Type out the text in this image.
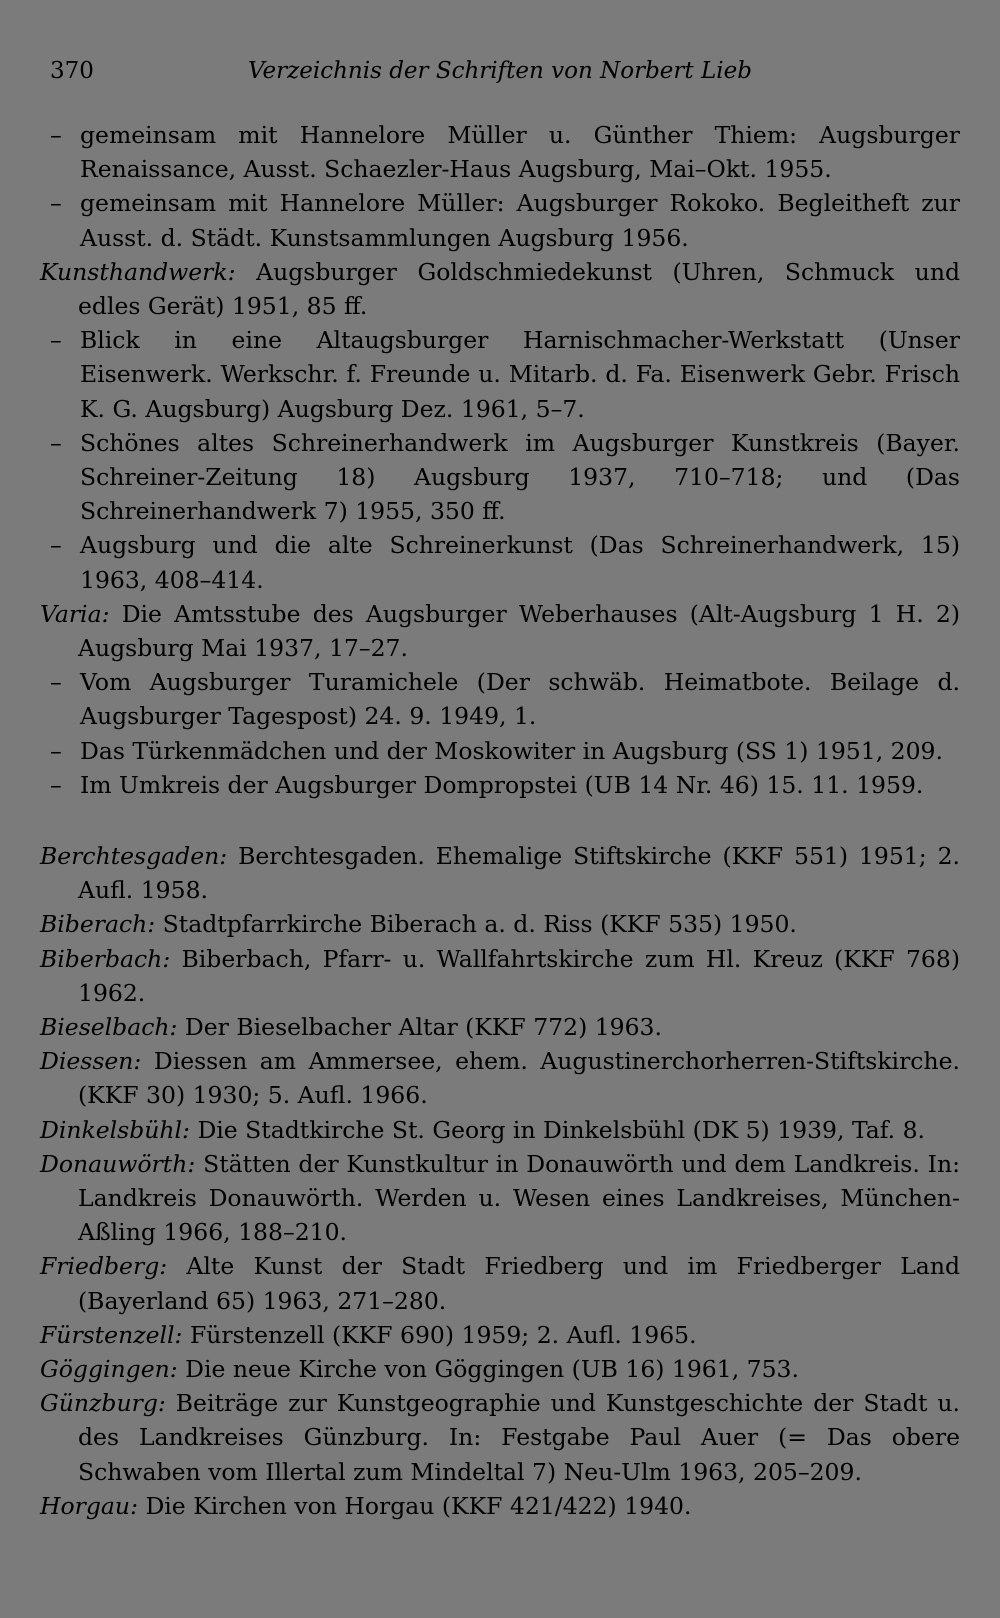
370	Verzeichnis der Schriften von Norbert Lieb

– gemeinsam mit Hannelore Müller u. Günther Thiem: Augsburger Renaissance, Ausst. Schaezler-Haus Augsburg, Mai–Okt. 1955.

– gemeinsam mit Hannelore Müller: Augsburger Rokoko. Begleitheft zur Ausst. d. Städt. Kunstsammlungen Augsburg 1956.

Kunsthandwerk: Augsburger Goldschmiedekunst (Uhren, Schmuck und edles Gerät) 1951, 85 ff.

– Blick in eine Altaugsburger Harnischmacher-Werkstatt (Unser Eisenwerk. Werkschr. f. Freunde u. Mitarb. d. Fa. Eisenwerk Gebr. Frisch K. G. Augsburg) Augsburg Dez. 1961, 5–7.

– Schönes altes Schreinerhandwerk im Augsburger Kunstkreis (Bayer. Schreiner-Zeitung 18) Augsburg 1937, 710–718; und (Das Schreinerhandwerk 7) 1955, 350 ff.

– Augsburg und die alte Schreinerkunst (Das Schreinerhandwerk, 15) 1963, 408–414.

Varia: Die Amtsstube des Augsburger Weberhauses (Alt-Augsburg 1 H. 2) Augsburg Mai 1937, 17–27.

– Vom Augsburger Turamichele (Der schwäb. Heimatbote. Beilage d. Augsburger Tagespost) 24. 9. 1949, 1.

– Das Türkenmädchen und der Moskowiter in Augsburg (SS 1) 1951, 209.

– Im Umkreis der Augsburger Dompropstei (UB 14 Nr. 46) 15. 11. 1959.

Berchtesgaden: Berchtesgaden. Ehemalige Stiftskirche (KKF 551) 1951; 2. Aufl. 1958.

Biberach: Stadtpfarrkirche Biberach a. d. Riss (KKF 535) 1950.

Biberbach: Biberbach, Pfarr- u. Wallfahrtskirche zum Hl. Kreuz (KKF 768) 1962.

Bieselbach: Der Bieselbacher Altar (KKF 772) 1963.

Diessen: Diessen am Ammersee, ehem. Augustinerchorherren-Stiftskirche. (KKF 30) 1930; 5. Aufl. 1966.

Dinkelsbühl: Die Stadtkirche St. Georg in Dinkelsbühl (DK 5) 1939, Taf. 8.

Donauwörth: Stätten der Kunstkultur in Donauwörth und dem Landkreis. In: Landkreis Donauwörth. Werden u. Wesen eines Landkreises, München-Aßling 1966, 188–210.

Friedberg: Alte Kunst der Stadt Friedberg und im Friedberger Land (Bayerland 65) 1963, 271–280.

Fürstenzell: Fürstenzell (KKF 690) 1959; 2. Aufl. 1965.

Göggingen: Die neue Kirche von Göggingen (UB 16) 1961, 753.

Günzburg: Beiträge zur Kunstgeographie und Kunstgeschichte der Stadt u. des Landkreises Günzburg. In: Festgabe Paul Auer (= Das obere Schwaben vom Illertal zum Mindeltal 7) Neu-Ulm 1963, 205–209.

Horgau: Die Kirchen von Horgau (KKF 421/422) 1940.
